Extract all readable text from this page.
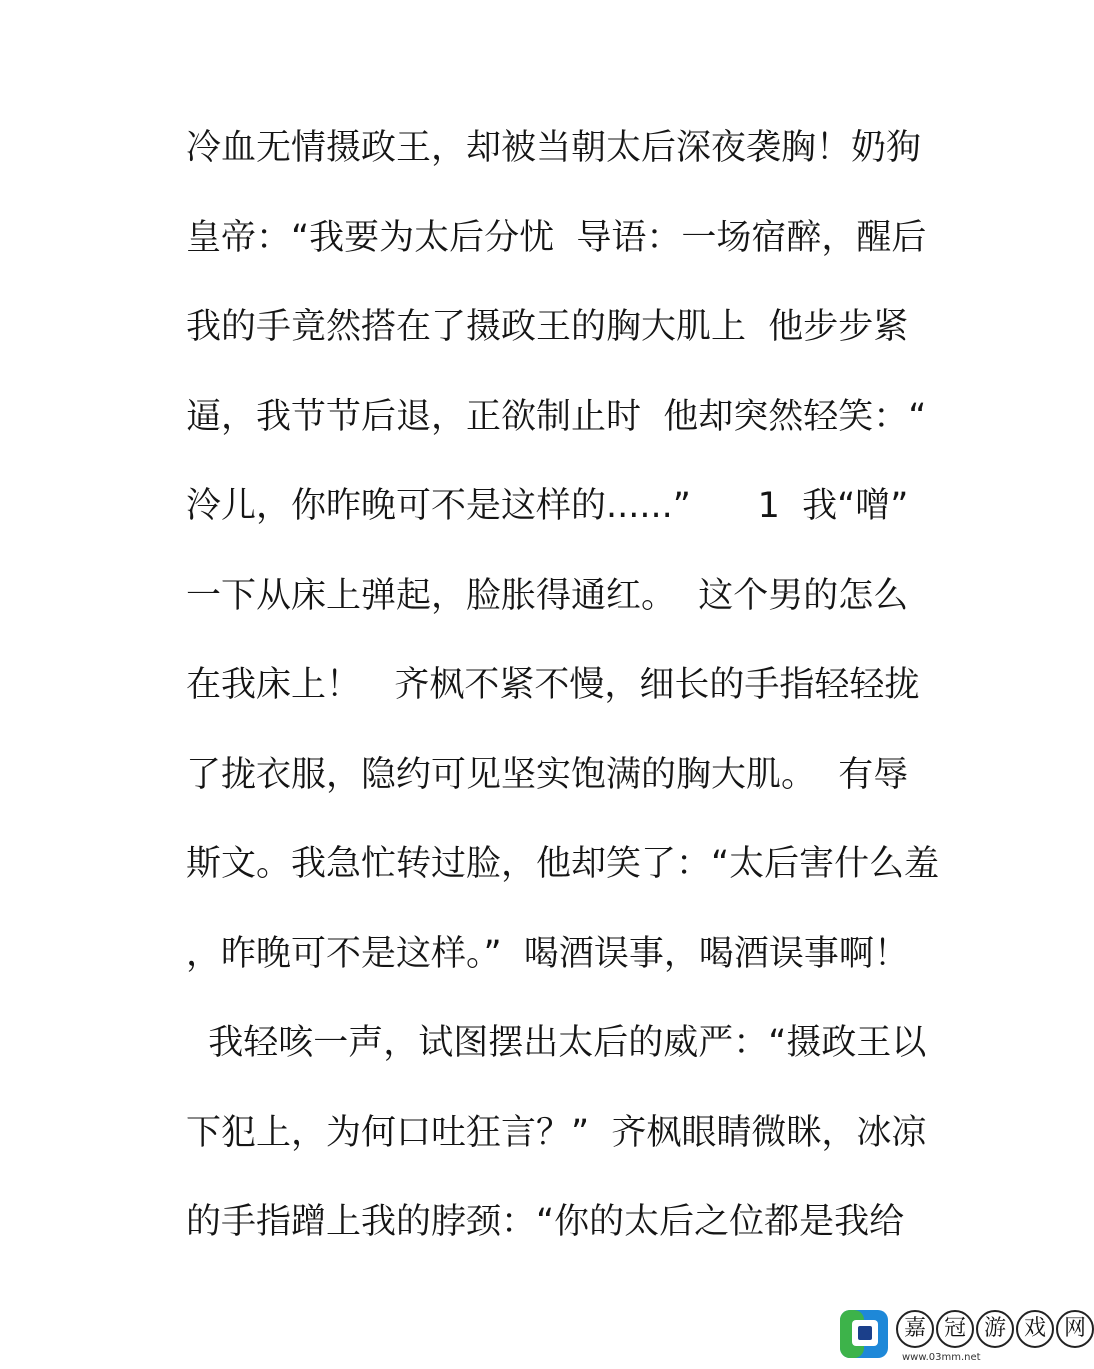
冷血无情摄政王，却被当朝太后深夜袭胸！奶狗
皇帝：“我要为太后分忧  导语：一场宿醉，醒后
我的手竟然搭在了摄政王的胸大肌上  他步步紧
逼，我节节后退，正欲制止时  他却突然轻笑：“
泠儿，你昨晚可不是这样的......”      1  我“噌”
一下从床上弹起，脸胀得通红。  这个男的怎么
在我床上！   齐枫不紧不慢，细长的手指轻轻拢
了拢衣服，隐约可见坚实饱满的胸大肌。  有辱
斯文。我急忙转过脸，他却笑了：“太后害什么羞
，昨晚可不是这样。”  喝酒误事，喝酒误事啊！
我轻咳一声，试图摆出太后的威严：“摄政王以
下犯上，为何口吐狂言？”  齐枫眼睛微眯，冰凉
的手指蹭上我的脖颈：“你的太后之位都是我给
嘉 冠 游 戏 网
www.03mm.net
